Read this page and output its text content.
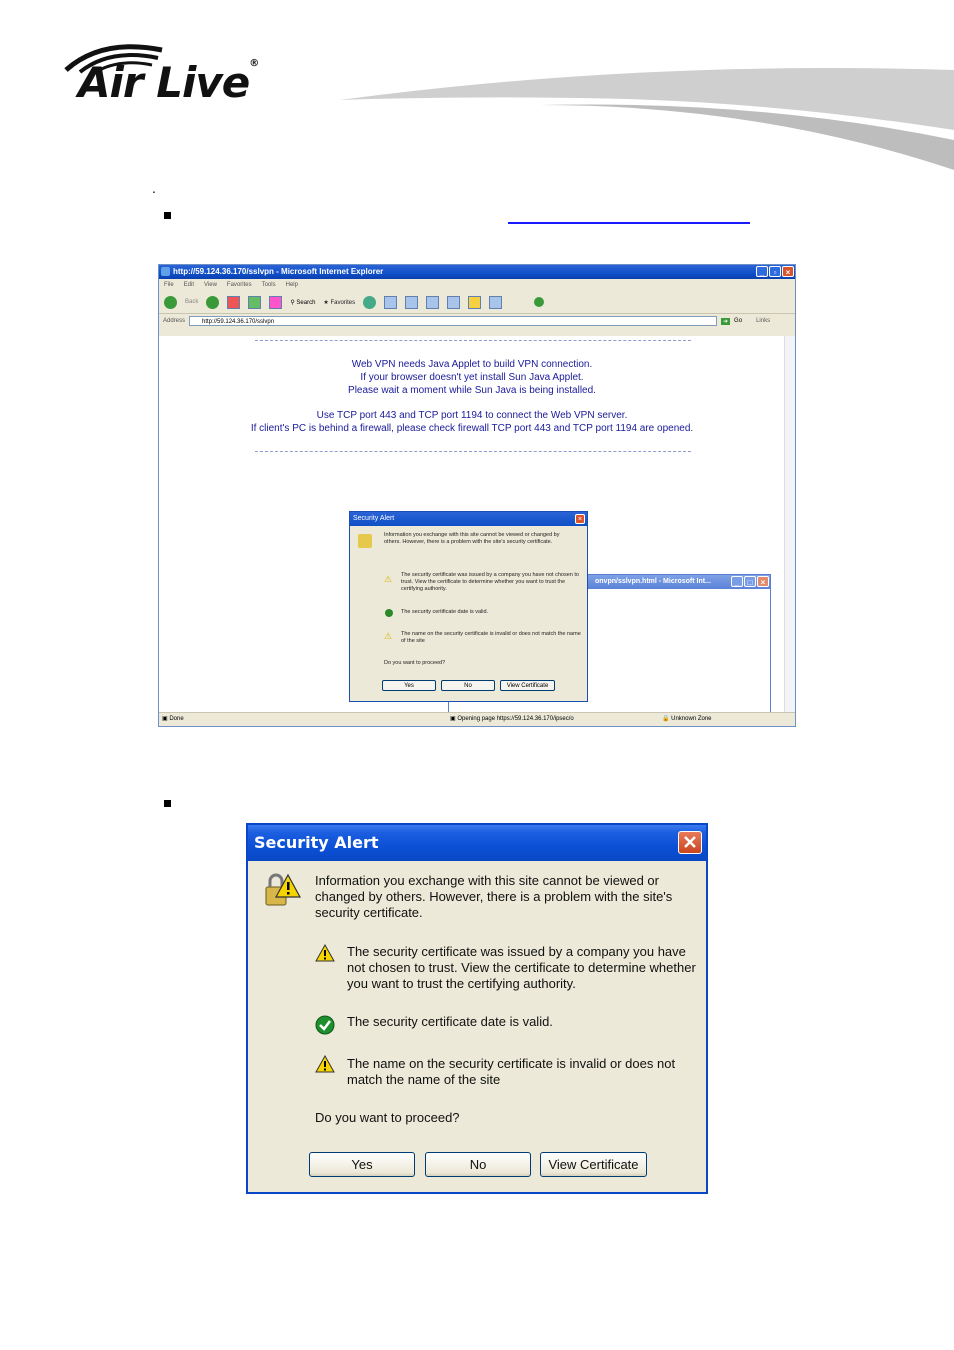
Air Live®
.
http://59.124.36.170/sslvpn - Microsoft Internet Explorer	_	▫	×
File Edit View Favorites Tools Help
Back	⚲ Search ★ Favorites
Address	http://59.124.36.170/sslvpn	➜	Go Links
Web VPN needs Java Applet to build VPN connection.
If your browser doesn't yet install Sun Java Applet.
Please wait a moment while Sun Java is being installed.
Use TCP port 443 and TCP port 1194 to connect the Web VPN server.
If client's PC is behind a firewall, please check firewall TCP port 443 and TCP port 1194 are opened.
onvpn/sslvpn.html - Microsoft Int...	_	□	×
Security Alert	×
Information you exchange with this site cannot be viewed or changed by others. However, there is a problem with the site's security certificate.
⚠ The security certificate was issued by a company you have not chosen to trust. View the certificate to determine whether you want to trust the certifying authority.
The security certificate date is valid.
⚠ The name on the security certificate is invalid or does not match the name of the site
Do you want to proceed?
Yes	No	View Certificate
▣ Done	▣ Opening page https://59.124.36.170/ipsec/o	🔒 Unknown Zone
Security Alert
Information you exchange with this site cannot be viewed or
changed by others. However, there is a problem with the site's
security certificate.
The security certificate was issued by a company you have
not chosen to trust. View the certificate to determine whether
you want to trust the certifying authority.
The security certificate date is valid.
The name on the security certificate is invalid or does not
match the name of the site
Do you want to proceed?
Yes	No	View Certificate
